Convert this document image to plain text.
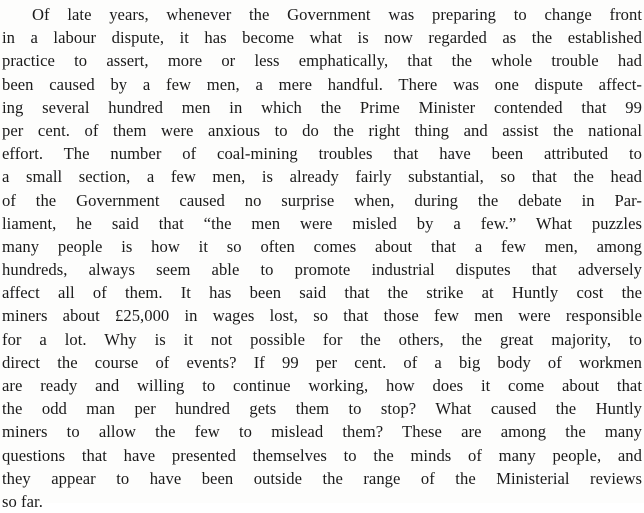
Of late years, whenever the Government was preparing to change front
in a labour dispute, it has become what is now regarded as the established
practice to assert, more or less emphatically, that the whole trouble had
been caused by a few men, a mere handful. There was one dispute affect-
ing several hundred men in which the Prime Minister contended that 99
per cent. of them were anxious to do the right thing and assist the national
effort. The number of coal-mining troubles that have been attributed to
a small section, a few men, is already fairly substantial, so that the head
of the Government caused no surprise when, during the debate in Par-
liament, he said that “the men were misled by a few.” What puzzles
many people is how it so often comes about that a few men, among
hundreds, always seem able to promote industrial disputes that adversely
affect all of them. It has been said that the strike at Huntly cost the
miners about £25,000 in wages lost, so that those few men were responsible
for a lot. Why is it not possible for the others, the great majority, to
direct the course of events? If 99 per cent. of a big body of workmen
are ready and willing to continue working, how does it come about that
the odd man per hundred gets them to stop? What caused the Huntly
miners to allow the few to mislead them? These are among the many
questions that have presented themselves to the minds of many people, and
they appear to have been outside the range of the Ministerial reviews
so far.
